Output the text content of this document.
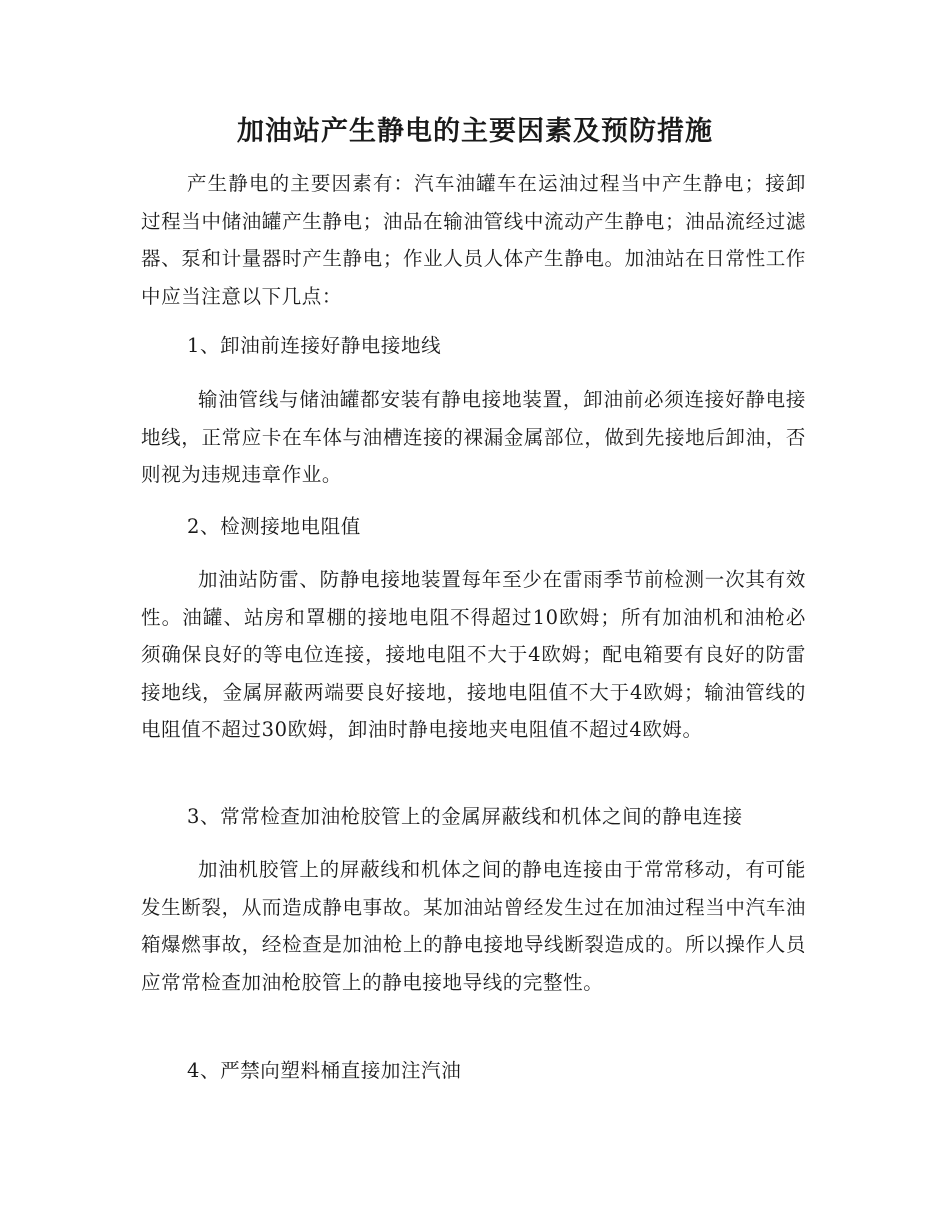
加油站产生静电的主要因素及预防措施

产生静电的主要因素有：汽车油罐车在运油过程当中产生静电；接卸过程当中储油罐产生静电；油品在输油管线中流动产生静电；油品流经过滤器、泵和计量器时产生静电；作业人员人体产生静电。加油站在日常性工作中应当注意以下几点：

1、卸油前连接好静电接地线

输油管线与储油罐都安装有静电接地装置，卸油前必须连接好静电接地线，正常应卡在车体与油槽连接的裸漏金属部位，做到先接地后卸油，否则视为违规违章作业。

2、检测接地电阻值

加油站防雷、防静电接地装置每年至少在雷雨季节前检测一次其有效性。油罐、站房和罩棚的接地电阻不得超过10欧姆；所有加油机和油枪必须确保良好的等电位连接，接地电阻不大于4欧姆；配电箱要有良好的防雷接地线，金属屏蔽两端要良好接地，接地电阻值不大于4欧姆；输油管线的电阻值不超过30欧姆，卸油时静电接地夹电阻值不超过4欧姆。

3、常常检查加油枪胶管上的金属屏蔽线和机体之间的静电连接

加油机胶管上的屏蔽线和机体之间的静电连接由于常常移动，有可能发生断裂，从而造成静电事故。某加油站曾经发生过在加油过程当中汽车油箱爆燃事故，经检查是加油枪上的静电接地导线断裂造成的。所以操作人员应常常检查加油枪胶管上的静电接地导线的完整性。

4、严禁向塑料桶直接加注汽油
